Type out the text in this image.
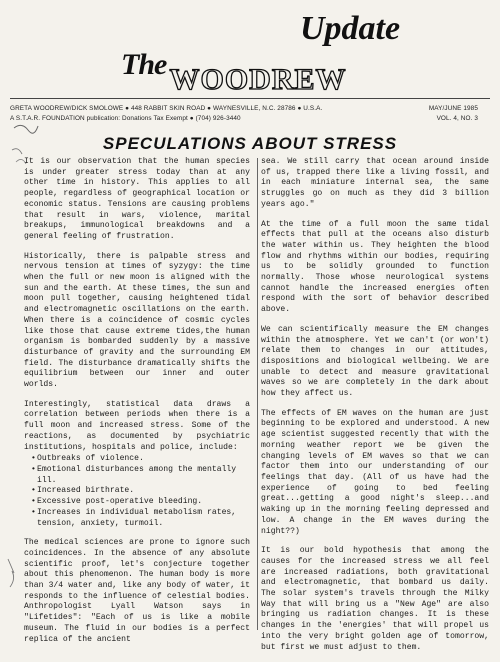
Update
The WOODREW
GRETA WOODREW/DICK SMOLOWE ● 448 RABBIT SKIN ROAD ● WAYNESVILLE, N.C. 28786 ● U.S.A.
A S.T.A.R. FOUNDATION publication: Donations Tax Exempt ● (704) 926-3440
MAY/JUNE 1985
VOL. 4, NO. 3
SPECULATIONS ABOUT STRESS

It is our observation that the human species is under greater stress today than at any other time in history. This applies to all people, regardless of geographical location or economic status. Tensions are causing problems that result in wars, violence, marital breakups, immunological breakdowns and a general feeling of frustration.

Historically, there is palpable stress and nervous tension at times of syzygy: the time when the full or new moon is aligned with the sun and the earth. At these times, the sun and moon pull together, causing heightened tidal and electromagnetic oscillations on the earth. When there is a coincidence of cosmic cycles like those that cause extreme tides,the human organism is bombarded suddenly by a massive disturbance of gravity and the surrounding EM field. The disturbance dramatically shifts the equilibrium between our inner and outer worlds.

Interestingly, statistical data draws a correlation between periods when there is a full moon and increased stress. Some of the reactions, as documented by psychiatric institutions, hospitals and police, include:

•Outbreaks of violence.
•Emotional disturbances among the mentally ill.
•Increased birthrate.
•Excessive post-operative bleeding.
•Increases in individual metabolism rates, tension, anxiety, turmoil.

The medical sciences are prone to ignore such coincidences. In the absence of any absolute scientific proof, let's conjecture together about this phenomenon. The human body is more than 3/4 water and, like any body of water, it responds to the influence of celestial bodies. Anthropologist Lyall Watson says in "Lifetides": "Each of us is like a mobile museum. The fluid in our bodies is a perfect replica of the ancient

sea. We still carry that ocean around inside of us, trapped there like a living fossil, and in each miniature internal sea, the same struggles go on much as they did 3 billion years ago."

At the time of a full moon the same tidal effects that pull at the oceans also disturb the water within us. They heighten the blood flow and rhythms within our bodies, requiring us to be solidly grounded to function normally. Those whose neurological systems cannot handle the increased energies often respond with the sort of behavior described above.

We can scientifically measure the EM changes within the atmosphere. Yet we can't (or won't) relate them to changes in our attitudes, dispositions and biological wellbeing. We are unable to detect and measure gravitational waves so we are completely in the dark about how they affect us.

The effects of EM waves on the human are just beginning to be explored and understood. A new age scientist suggested recently that with the morning weather report we be given the changing levels of EM waves so that we can factor them into our understanding of our feelings that day. (All of us have had the experience of going to bed feeling great...getting a good night's sleep...and waking up in the morning feeling depressed and low. A change in the EM waves during the night??)

It is our bold hypothesis that among the causes for the increased stress we all feel are increased radiations, both gravitational and electromagnetic, that bombard us daily. The solar system's travels through the Milky Way that will bring us a "New Age" are also bringing us radiation changes. It is these changes in the 'energies' that will propel us into the very bright golden age of tomorrow, but first we must adjust to them.
